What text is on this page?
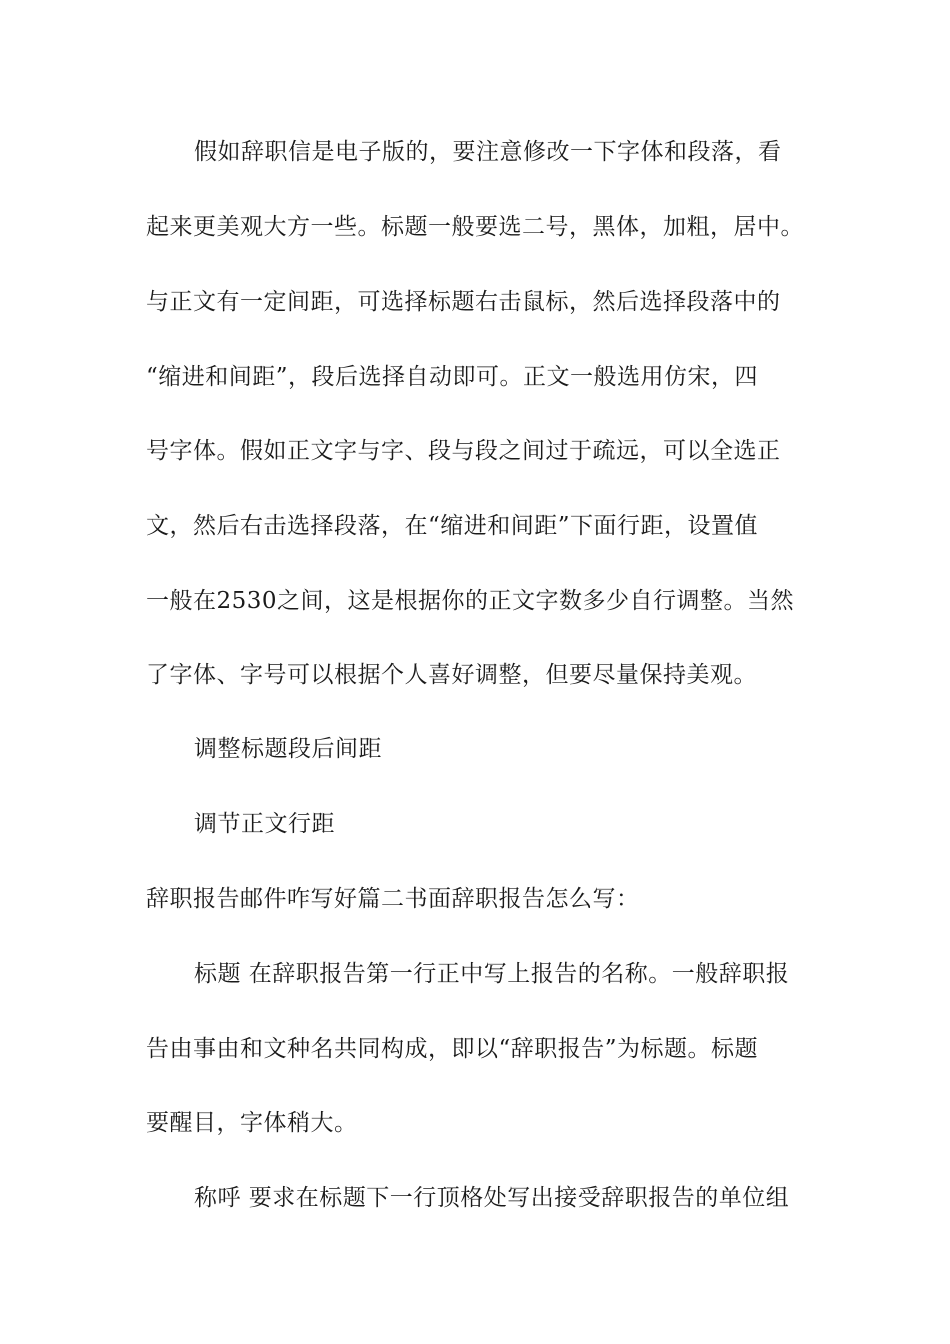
假如辞职信是电子版的，要注意修改一下字体和段落，看

起来更美观大方一些。标题一般要选二号，黑体，加粗，居中。

与正文有一定间距，可选择标题右击鼠标，然后选择段落中的

“缩进和间距”，段后选择自动即可。正文一般选用仿宋，四

号字体。假如正文字与字、段与段之间过于疏远，可以全选正

文，然后右击选择段落，在“缩进和间距”下面行距，设置值

一般在2530之间，这是根据你的正文字数多少自行调整。当然

了字体、字号可以根据个人喜好调整，但要尽量保持美观。

调整标题段后间距

调节正文行距

辞职报告邮件咋写好篇二书面辞职报告怎么写：

标题 在辞职报告第一行正中写上报告的名称。一般辞职报

告由事由和文种名共同构成，即以“辞职报告”为标题。标题

要醒目，字体稍大。

称呼 要求在标题下一行顶格处写出接受辞职报告的单位组
